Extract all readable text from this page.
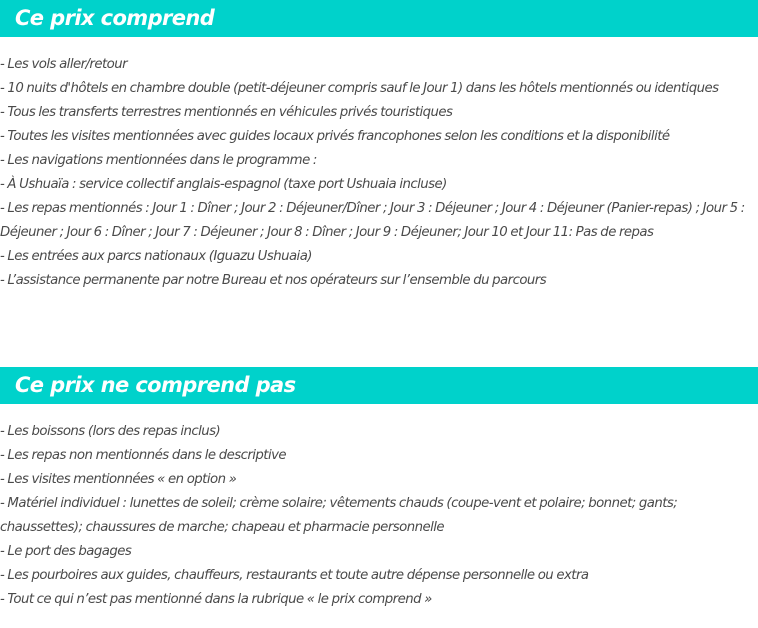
Ce prix comprend
- Les vols aller/retour
- 10 nuits d'hôtels en chambre double (petit-déjeuner compris sauf le Jour 1) dans les hôtels mentionnés ou identiques
- Tous les transferts terrestres mentionnés en véhicules privés touristiques
- Toutes les visites mentionnées avec guides locaux privés francophones selon les conditions et la disponibilité
- Les navigations mentionnées dans le programme :
- À Ushuaïa : service collectif anglais-espagnol (taxe port Ushuaia incluse)
- Les repas mentionnés : Jour 1 : Dîner ; Jour 2 : Déjeuner/Dîner ; Jour 3 : Déjeuner ; Jour 4 : Déjeuner (Panier-repas) ; Jour 5 : Déjeuner ; Jour 6 : Dîner ; Jour 7 : Déjeuner ; Jour 8 : Dîner ; Jour 9 : Déjeuner; Jour 10 et Jour 11: Pas de repas
- Les entrées aux parcs nationaux (Iguazu Ushuaia)
- L’assistance permanente par notre Bureau et nos opérateurs sur l’ensemble du parcours
Ce prix ne comprend pas
- Les boissons (lors des repas inclus)
- Les repas non mentionnés dans le descriptive
- Les visites mentionnées « en option »
- Matériel individuel : lunettes de soleil; crème solaire; vêtements chauds (coupe-vent et polaire; bonnet; gants; chaussettes); chaussures de marche; chapeau et pharmacie personnelle
- Le port des bagages
- Les pourboires aux guides, chauffeurs, restaurants et toute autre dépense personnelle ou extra
- Tout ce qui n’est pas mentionné dans la rubrique « le prix comprend »
